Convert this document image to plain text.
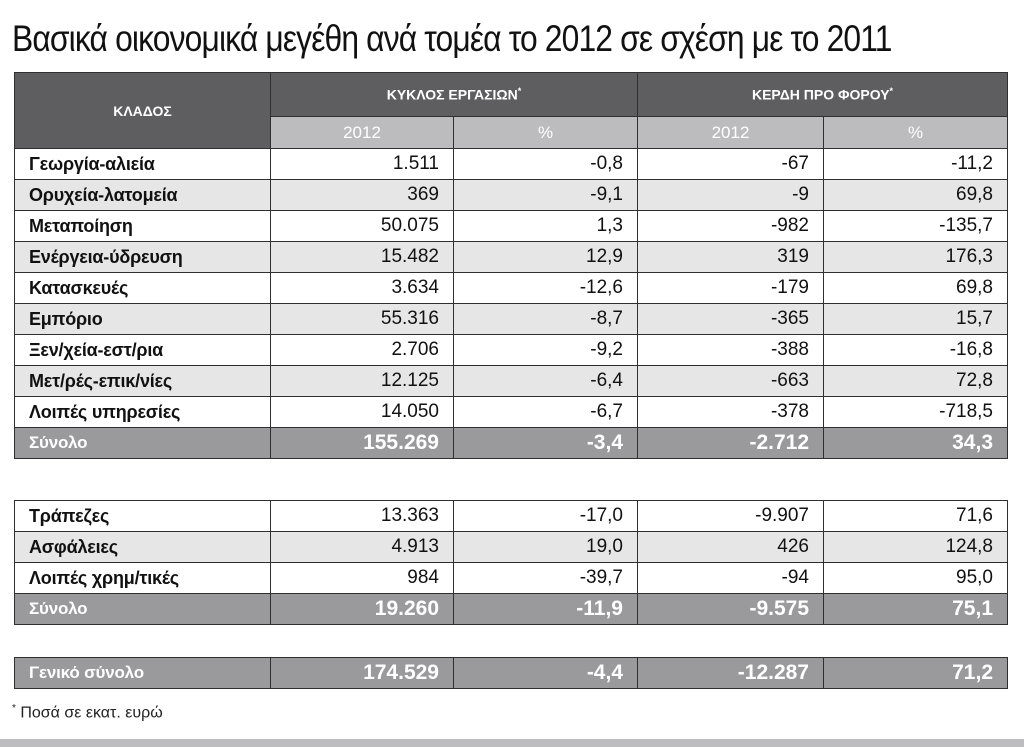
Βασικά οικονομικά μεγέθη ανά τομέα το 2012 σε σχέση με το 2011
ΚΛΑΔΟΣ	ΚΥΚΛΟΣ ΕΡΓΑΣΙΩΝ*		ΚΕΡΔΗ ΠΡΟ ΦΟΡΟΥ*
	2012	%	2012	%
Γεωργία-αλιεία	1.511	-0,8	-67	-11,2
Ορυχεία-λατομεία	369	-9,1	-9	69,8
Μεταποίηση	50.075	1,3	-982	-135,7
Ενέργεια-ύδρευση	15.482	12,9	319	176,3
Κατασκευές	3.634	-12,6	-179	69,8
Εμπόριο	55.316	-8,7	-365	15,7
Ξεν/χεία-εστ/ρια	2.706	-9,2	-388	-16,8
Μετ/ρές-επικ/νίες	12.125	-6,4	-663	72,8
Λοιπές υπηρεσίες	14.050	-6,7	-378	-718,5
Σύνολο	155.269	-3,4	-2.712	34,3
Τράπεζες	13.363	-17,0	-9.907	71,6
Ασφάλειες	4.913	19,0	426	124,8
Λοιπές χρημ/τικές	984	-39,7	-94	95,0
Σύνολο	19.260	-11,9	-9.575	75,1
Γενικό σύνολο	174.529	-4,4	-12.287	71,2
* Ποσά σε εκατ. ευρώ
